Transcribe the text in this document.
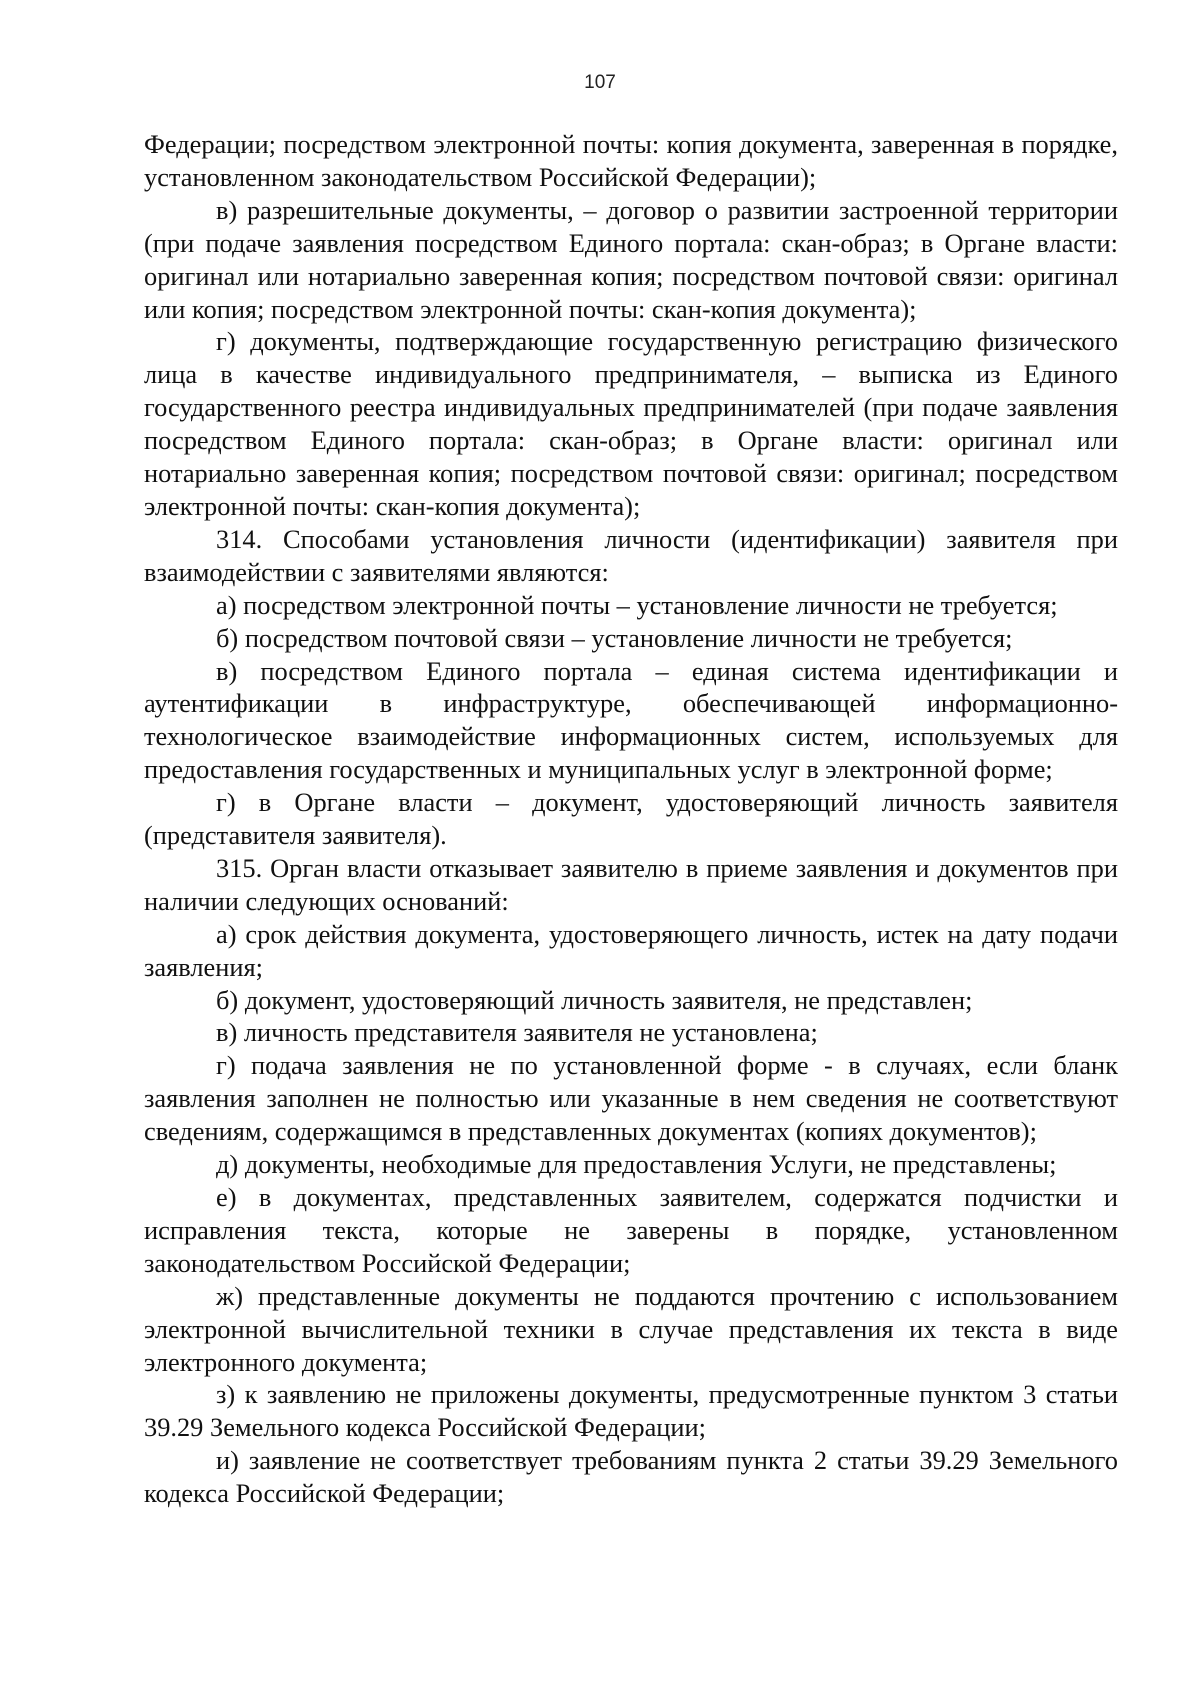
107

Федерации; посредством электронной почты: копия документа, заверенная в порядке, установленном законодательством Российской Федерации);

в) разрешительные документы, – договор о развитии застроенной территории (при подаче заявления посредством Единого портала: скан-образ; в Органе власти: оригинал или нотариально заверенная копия; посредством почтовой связи: оригинал или копия; посредством электронной почты: скан-копия документа);

г) документы, подтверждающие государственную регистрацию физического лица в качестве индивидуального предпринимателя, – выписка из Единого государственного реестра индивидуальных предпринимателей (при подаче заявления посредством Единого портала: скан-образ; в Органе власти: оригинал или нотариально заверенная копия; посредством почтовой связи: оригинал; посредством электронной почты: скан-копия документа);

314. Способами установления личности (идентификации) заявителя при взаимодействии с заявителями являются:

а) посредством электронной почты – установление личности не требуется;

б) посредством почтовой связи – установление личности не требуется;

в) посредством Единого портала – единая система идентификации и аутентификации в инфраструктуре, обеспечивающей информационно-технологическое взаимодействие информационных систем, используемых для предоставления государственных и муниципальных услуг в электронной форме;

г) в Органе власти – документ, удостоверяющий личность заявителя (представителя заявителя).

315. Орган власти отказывает заявителю в приеме заявления и документов при наличии следующих оснований:

а) срок действия документа, удостоверяющего личность, истек на дату подачи заявления;

б) документ, удостоверяющий личность заявителя, не представлен;

в) личность представителя заявителя не установлена;

г) подача заявления не по установленной форме - в случаях, если бланк заявления заполнен не полностью или указанные в нем сведения не соответствуют сведениям, содержащимся в представленных документах (копиях документов);

д) документы, необходимые для предоставления Услуги, не представлены;

е) в документах, представленных заявителем, содержатся подчистки и исправления текста, которые не заверены в порядке, установленном законодательством Российской Федерации;

ж) представленные документы не поддаются прочтению с использованием электронной вычислительной техники в случае представления их текста в виде электронного документа;

з) к заявлению не приложены документы, предусмотренные пунктом 3 статьи 39.29 Земельного кодекса Российской Федерации;

и) заявление не соответствует требованиям пункта 2 статьи 39.29 Земельного кодекса Российской Федерации;
